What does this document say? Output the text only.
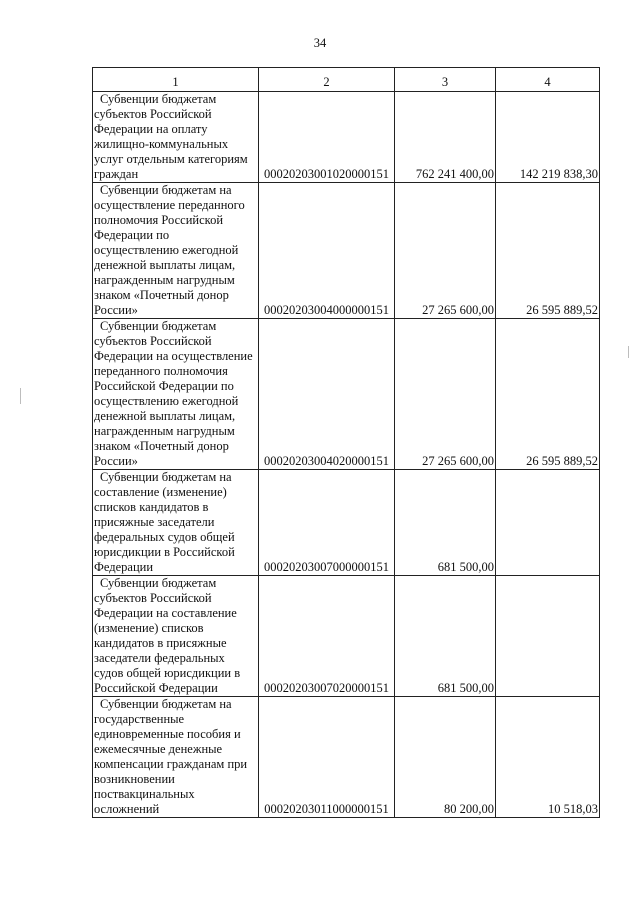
34
1	2	3	4

Субвенции бюджетам субъектов Российской Федерации на оплату жилищно-коммунальных услуг отдельным категориям граждан	00020203001020000151	762 241 400,00	142 219 838,30

Субвенции бюджетам на осуществление переданного полномочия Российской Федерации по осуществлению ежегодной денежной выплаты лицам, награжденным нагрудным знаком «Почетный донор России»	00020203004000000151	27 265 600,00	26 595 889,52

Субвенции бюджетам субъектов Российской Федерации на осуществление переданного полномочия Российской Федерации по осуществлению ежегодной денежной выплаты лицам, награжденным нагрудным знаком «Почетный донор России»	00020203004020000151	27 265 600,00	26 595 889,52

Субвенции бюджетам на составление (изменение) списков кандидатов в присяжные заседатели федеральных судов общей юрисдикции в Российской Федерации	00020203007000000151	681 500,00	

Субвенции бюджетам субъектов Российской Федерации на составление (изменение) списков кандидатов в присяжные заседатели федеральных судов общей юрисдикции в Российской Федерации	00020203007020000151	681 500,00	

Субвенции бюджетам на государственные единовременные пособия и ежемесячные денежные компенсации гражданам при возникновении поствакцинальных осложнений	00020203011000000151	80 200,00	10 518,03
